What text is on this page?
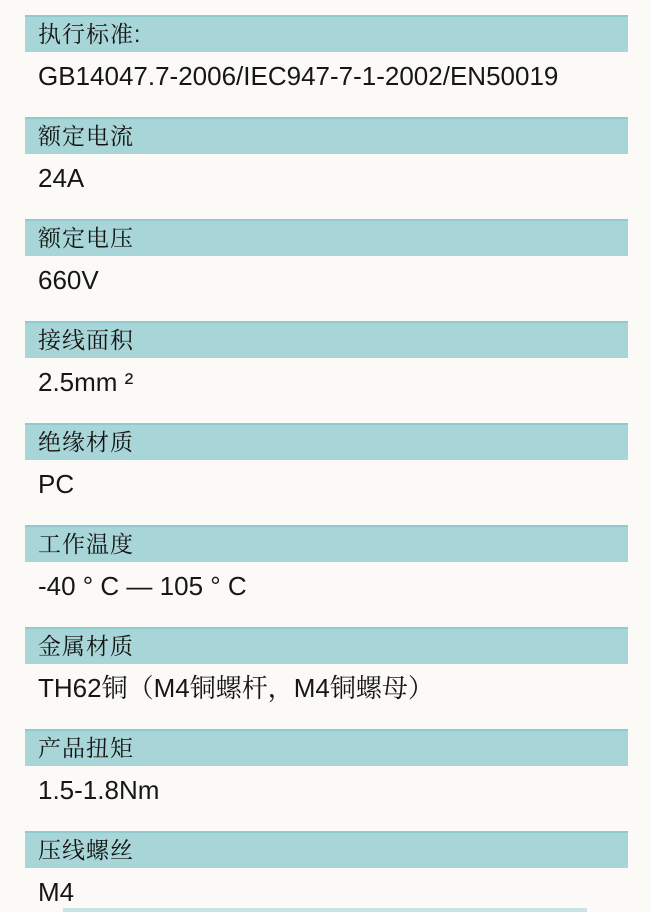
执行标准:
GB14047.7-2006/IEC947-7-1-2002/EN50019
额定电流
24A
额定电压
660V
接线面积
2.5mm ²
绝缘材质
PC
工作温度
-40 ° C — 105 ° C
金属材质
TH62铜（M4铜螺杆，M4铜螺母）
产品扭矩
1.5-1.8Nm
压线螺丝
M4
